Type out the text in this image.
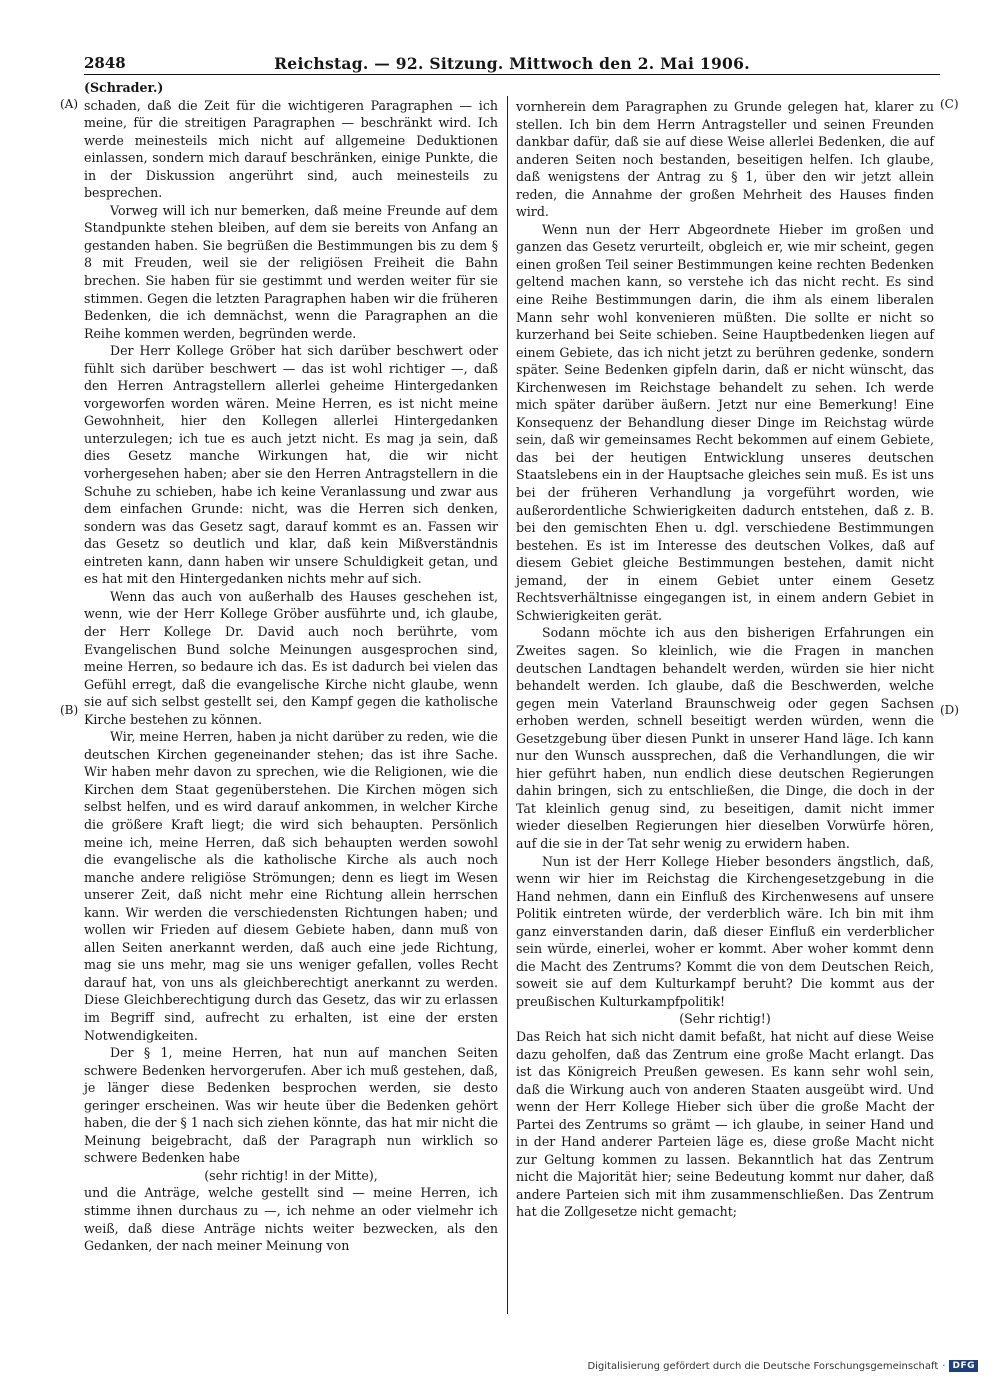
2848	Reichstag. — 92. Sitzung. Mittwoch den 2. Mai 1906.
(A)
(B)
(C)
(D)
(Schrader.)

schaden, daß die Zeit für die wichtigeren Paragraphen — ich meine, für die streitigen Paragraphen — beschränkt wird. Ich werde meinesteils mich nicht auf allgemeine Deduktionen einlassen, sondern mich darauf beschränken, einige Punkte, die in der Diskussion angerührt sind, auch meinesteils zu besprechen.

Vorweg will ich nur bemerken, daß meine Freunde auf dem Standpunkte stehen bleiben, auf dem sie bereits von Anfang an gestanden haben. Sie begrüßen die Bestimmungen bis zu dem § 8 mit Freuden, weil sie der religiösen Freiheit die Bahn brechen. Sie haben für sie gestimmt und werden weiter für sie stimmen. Gegen die letzten Paragraphen haben wir die früheren Bedenken, die ich demnächst, wenn die Paragraphen an die Reihe kommen werden, begründen werde.

Der Herr Kollege Gröber hat sich darüber beschwert oder fühlt sich darüber beschwert — das ist wohl richtiger —, daß den Herren Antragstellern allerlei geheime Hintergedanken vorgeworfen worden wären. Meine Herren, es ist nicht meine Gewohnheit, hier den Kollegen allerlei Hintergedanken unterzulegen; ich tue es auch jetzt nicht. Es mag ja sein, daß dies Gesetz manche Wirkungen hat, die wir nicht vorhergesehen haben; aber sie den Herren Antragstellern in die Schuhe zu schieben, habe ich keine Veranlassung und zwar aus dem einfachen Grunde: nicht, was die Herren sich denken, sondern was das Gesetz sagt, darauf kommt es an. Fassen wir das Gesetz so deutlich und klar, daß kein Mißverständnis eintreten kann, dann haben wir unsere Schuldigkeit getan, und es hat mit den Hintergedanken nichts mehr auf sich.

Wenn das auch von außerhalb des Hauses geschehen ist, wenn, wie der Herr Kollege Gröber ausführte und, ich glaube, der Herr Kollege Dr. David auch noch berührte, vom Evangelischen Bund solche Meinungen ausgesprochen sind, meine Herren, so bedaure ich das. Es ist dadurch bei vielen das Gefühl erregt, daß die evangelische Kirche nicht glaube, wenn sie auf sich selbst gestellt sei, den Kampf gegen die katholische Kirche bestehen zu können.

Wir, meine Herren, haben ja nicht darüber zu reden, wie die deutschen Kirchen gegeneinander stehen; das ist ihre Sache. Wir haben mehr davon zu sprechen, wie die Religionen, wie die Kirchen dem Staat gegenüberstehen. Die Kirchen mögen sich selbst helfen, und es wird darauf ankommen, in welcher Kirche die größere Kraft liegt; die wird sich behaupten. Persönlich meine ich, meine Herren, daß sich behaupten werden sowohl die evangelische als die katholische Kirche als auch noch manche andere religiöse Strömungen; denn es liegt im Wesen unserer Zeit, daß nicht mehr eine Richtung allein herrschen kann. Wir werden die verschiedensten Richtungen haben; und wollen wir Frieden auf diesem Gebiete haben, dann muß von allen Seiten anerkannt werden, daß auch eine jede Richtung, mag sie uns mehr, mag sie uns weniger gefallen, volles Recht darauf hat, von uns als gleichberechtigt anerkannt zu werden. Diese Gleichberechtigung durch das Gesetz, das wir zu erlassen im Begriff sind, aufrecht zu erhalten, ist eine der ersten Notwendigkeiten.

Der § 1, meine Herren, hat nun auf manchen Seiten schwere Bedenken hervorgerufen. Aber ich muß gestehen, daß, je länger diese Bedenken besprochen werden, sie desto geringer erscheinen. Was wir heute über die Bedenken gehört haben, die der § 1 nach sich ziehen könnte, das hat mir nicht die Meinung beigebracht, daß der Paragraph nun wirklich so schwere Bedenken habe

(sehr richtig! in der Mitte),

und die Anträge, welche gestellt sind — meine Herren, ich stimme ihnen durchaus zu —, ich nehme an oder vielmehr ich weiß, daß diese Anträge nichts weiter bezwecken, als den Gedanken, der nach meiner Meinung von

vornherein dem Paragraphen zu Grunde gelegen hat, klarer zu stellen. Ich bin dem Herrn Antragsteller und seinen Freunden dankbar dafür, daß sie auf diese Weise allerlei Bedenken, die auf anderen Seiten noch bestanden, beseitigen helfen. Ich glaube, daß wenigstens der Antrag zu § 1, über den wir jetzt allein reden, die Annahme der großen Mehrheit des Hauses finden wird.

Wenn nun der Herr Abgeordnete Hieber im großen und ganzen das Gesetz verurteilt, obgleich er, wie mir scheint, gegen einen großen Teil seiner Bestimmungen keine rechten Bedenken geltend machen kann, so verstehe ich das nicht recht. Es sind eine Reihe Bestimmungen darin, die ihm als einem liberalen Mann sehr wohl konvenieren müßten. Die sollte er nicht so kurzerhand bei Seite schieben. Seine Hauptbedenken liegen auf einem Gebiete, das ich nicht jetzt zu berühren gedenke, sondern später. Seine Bedenken gipfeln darin, daß er nicht wünscht, das Kirchenwesen im Reichstage behandelt zu sehen. Ich werde mich später darüber äußern. Jetzt nur eine Bemerkung! Eine Konsequenz der Behandlung dieser Dinge im Reichstag würde sein, daß wir gemeinsames Recht bekommen auf einem Gebiete, das bei der heutigen Entwicklung unseres deutschen Staatslebens ein in der Hauptsache gleiches sein muß. Es ist uns bei der früheren Verhandlung ja vorgeführt worden, wie außerordentliche Schwierigkeiten dadurch entstehen, daß z. B. bei den gemischten Ehen u. dgl. verschiedene Bestimmungen bestehen. Es ist im Interesse des deutschen Volkes, daß auf diesem Gebiet gleiche Bestimmungen bestehen, damit nicht jemand, der in einem Gebiet unter einem Gesetz Rechtsverhältnisse eingegangen ist, in einem andern Gebiet in Schwierigkeiten gerät.

Sodann möchte ich aus den bisherigen Erfahrungen ein Zweites sagen. So kleinlich, wie die Fragen in manchen deutschen Landtagen behandelt werden, würden sie hier nicht behandelt werden. Ich glaube, daß die Beschwerden, welche gegen mein Vaterland Braunschweig oder gegen Sachsen erhoben werden, schnell beseitigt werden würden, wenn die Gesetzgebung über diesen Punkt in unserer Hand läge. Ich kann nur den Wunsch aussprechen, daß die Verhandlungen, die wir hier geführt haben, nun endlich diese deutschen Regierungen dahin bringen, sich zu entschließen, die Dinge, die doch in der Tat kleinlich genug sind, zu beseitigen, damit nicht immer wieder dieselben Regierungen hier dieselben Vorwürfe hören, auf die sie in der Tat sehr wenig zu erwidern haben.

Nun ist der Herr Kollege Hieber besonders ängstlich, daß, wenn wir hier im Reichstag die Kirchengesetzgebung in die Hand nehmen, dann ein Einfluß des Kirchenwesens auf unsere Politik eintreten würde, der verderblich wäre. Ich bin mit ihm ganz einverstanden darin, daß dieser Einfluß ein verderblicher sein würde, einerlei, woher er kommt. Aber woher kommt denn die Macht des Zentrums? Kommt die von dem Deutschen Reich, soweit sie auf dem Kulturkampf beruht? Die kommt aus der preußischen Kulturkampfpolitik!

(Sehr richtig!)

Das Reich hat sich nicht damit befaßt, hat nicht auf diese Weise dazu geholfen, daß das Zentrum eine große Macht erlangt. Das ist das Königreich Preußen gewesen. Es kann sehr wohl sein, daß die Wirkung auch von anderen Staaten ausgeübt wird. Und wenn der Herr Kollege Hieber sich über die große Macht der Partei des Zentrums so grämt — ich glaube, in seiner Hand und in der Hand anderer Parteien läge es, diese große Macht nicht zur Geltung kommen zu lassen. Bekanntlich hat das Zentrum nicht die Majorität hier; seine Bedeutung kommt nur daher, daß andere Parteien sich mit ihm zusammenschließen. Das Zentrum hat die Zollgesetze nicht gemacht;

Digitalisierung gefördert durch die Deutsche Forschungsgemeinschaft · DFG
